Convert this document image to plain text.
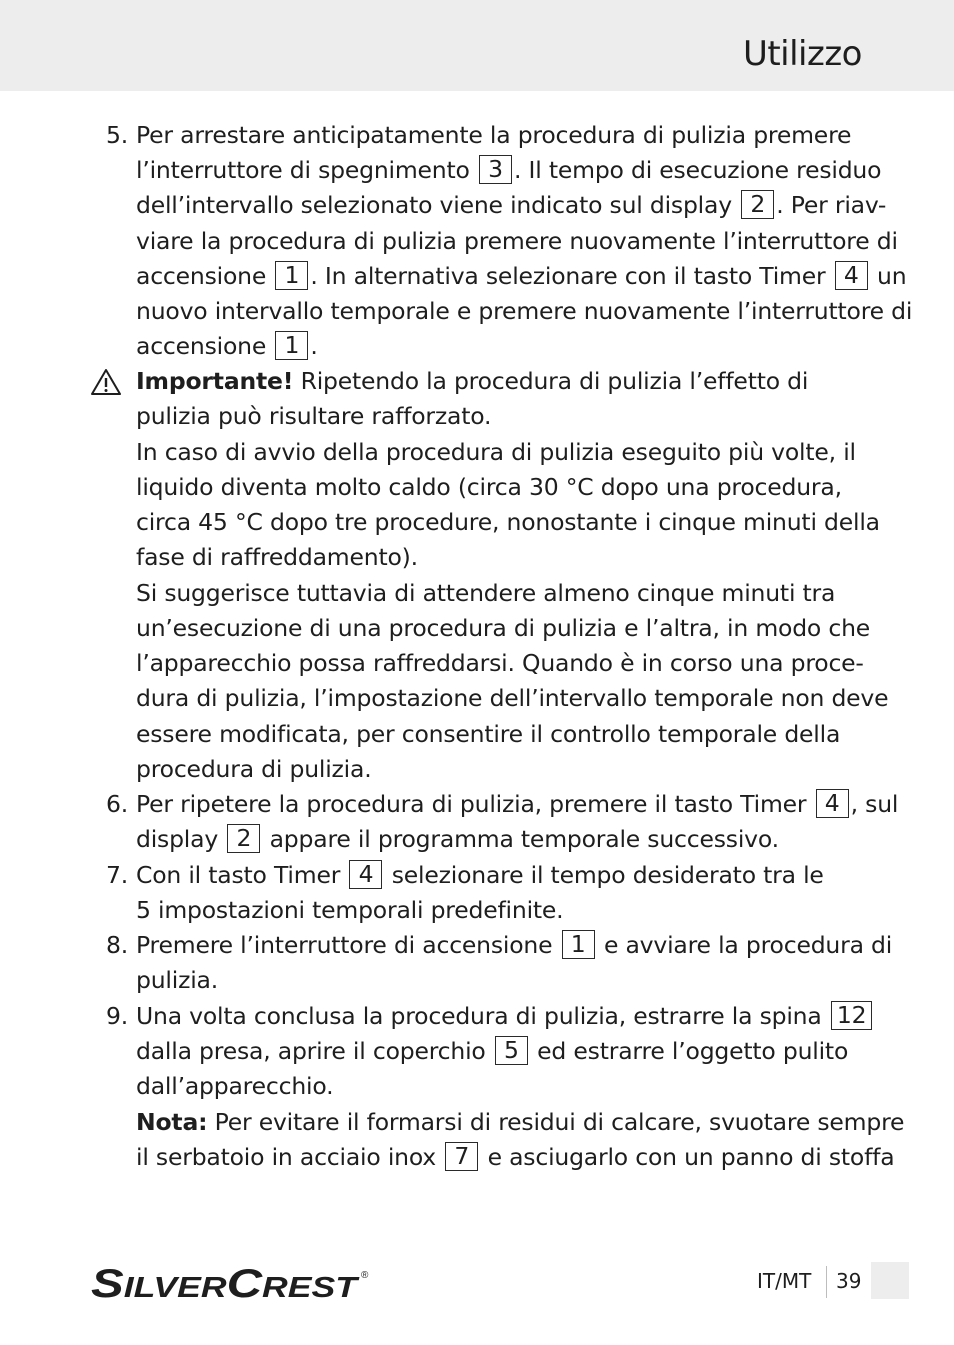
Utilizzo
5. Per arrestare anticipatamente la procedura di pulizia premere
l’interruttore di spegnimento 3 . Il tempo di esecuzione residuo
dell’intervallo selezionato viene indicato sul display 2 . Per riav-
viare la procedura di pulizia premere nuovamente l’interruttore di
accensione 1 . In alternativa selezionare con il tasto Timer 4 un
nuovo intervallo temporale e premere nuovamente l’interruttore di
accensione 1 .
Importante! Ripetendo la procedura di pulizia l’effetto di
pulizia può risultare rafforzato.
In caso di avvio della procedura di pulizia eseguito più volte, il
liquido diventa molto caldo (circa 30 °C dopo una procedura,
circa 45 °C dopo tre procedure, nonostante i cinque minuti della
fase di raffreddamento).
Si suggerisce tuttavia di attendere almeno cinque minuti tra
un’esecuzione di una procedura di pulizia e l’altra, in modo che
l’apparecchio possa raffreddarsi. Quando è in corso una proce-
dura di pulizia, l’impostazione dell’intervallo temporale non deve
essere modificata, per consentire il controllo temporale della
procedura di pulizia.
6. Per ripetere la procedura di pulizia, premere il tasto Timer 4 , sul
display 2 appare il programma temporale successivo.
7. Con il tasto Timer 4 selezionare il tempo desiderato tra le
5 impostazioni temporali predefinite.
8. Premere l’interruttore di accensione 1 e avviare la procedura di
pulizia.
9. Una volta conclusa la procedura di pulizia, estrarre la spina 12
dalla presa, aprire il coperchio 5 ed estrarre l’oggetto pulito
dall’apparecchio.
Nota: Per evitare il formarsi di residui di calcare, svuotare sempre
il serbatoio in acciaio inox 7 e asciugarlo con un panno di stoffa
S ILVER C REST	®	IT/MT 39
